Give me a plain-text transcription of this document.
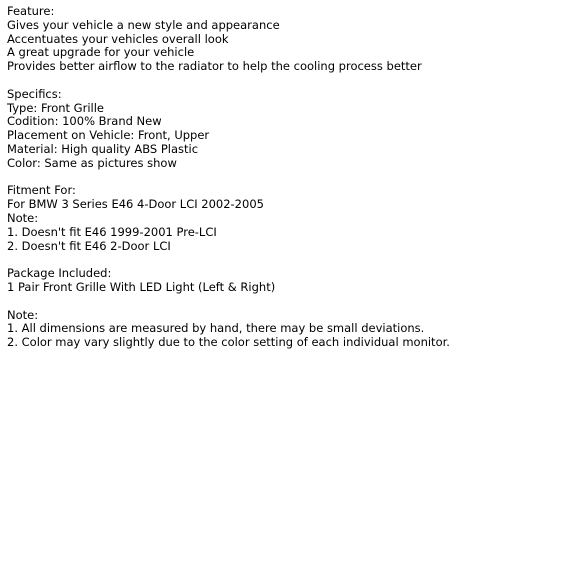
Feature:
Gives your vehicle a new style and appearance
Accentuates your vehicles overall look
A great upgrade for your vehicle
Provides better airflow to the radiator to help the cooling process better
Specifics:
Type: Front Grille
Codition: 100% Brand New
Placement on Vehicle: Front, Upper
Material: High quality ABS Plastic
Color: Same as pictures show
Fitment For:
For BMW 3 Series E46 4-Door LCI 2002-2005
Note:
1. Doesn't fit E46 1999-2001 Pre-LCI
2. Doesn't fit E46 2-Door LCI
Package Included:
1 Pair Front Grille With LED Light (Left & Right)
Note:
1. All dimensions are measured by hand, there may be small deviations.
2. Color may vary slightly due to the color setting of each individual monitor.
